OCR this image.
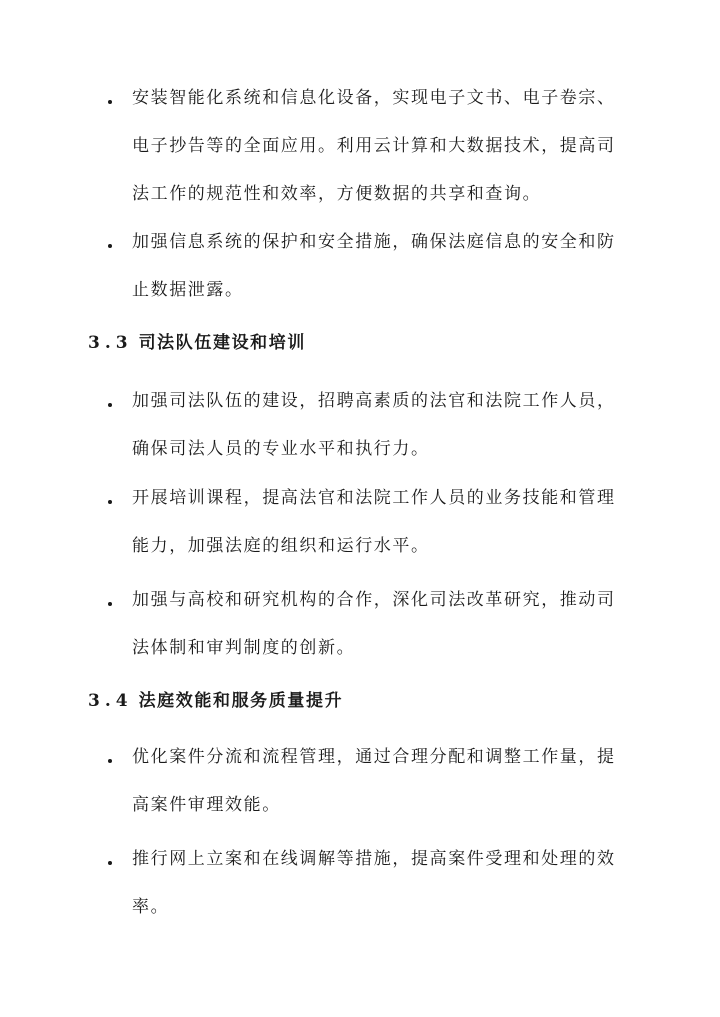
安装智能化系统和信息化设备，实现电子文书、电子卷宗、电子抄告等的全面应用。利用云计算和大数据技术，提高司法工作的规范性和效率，方便数据的共享和查询。
加强信息系统的保护和安全措施，确保法庭信息的安全和防止数据泄露。
3.3 司法队伍建设和培训
加强司法队伍的建设，招聘高素质的法官和法院工作人员，确保司法人员的专业水平和执行力。
开展培训课程，提高法官和法院工作人员的业务技能和管理能力，加强法庭的组织和运行水平。
加强与高校和研究机构的合作，深化司法改革研究，推动司法体制和审判制度的创新。
3.4 法庭效能和服务质量提升
优化案件分流和流程管理，通过合理分配和调整工作量，提高案件审理效能。
推行网上立案和在线调解等措施，提高案件受理和处理的效率。
